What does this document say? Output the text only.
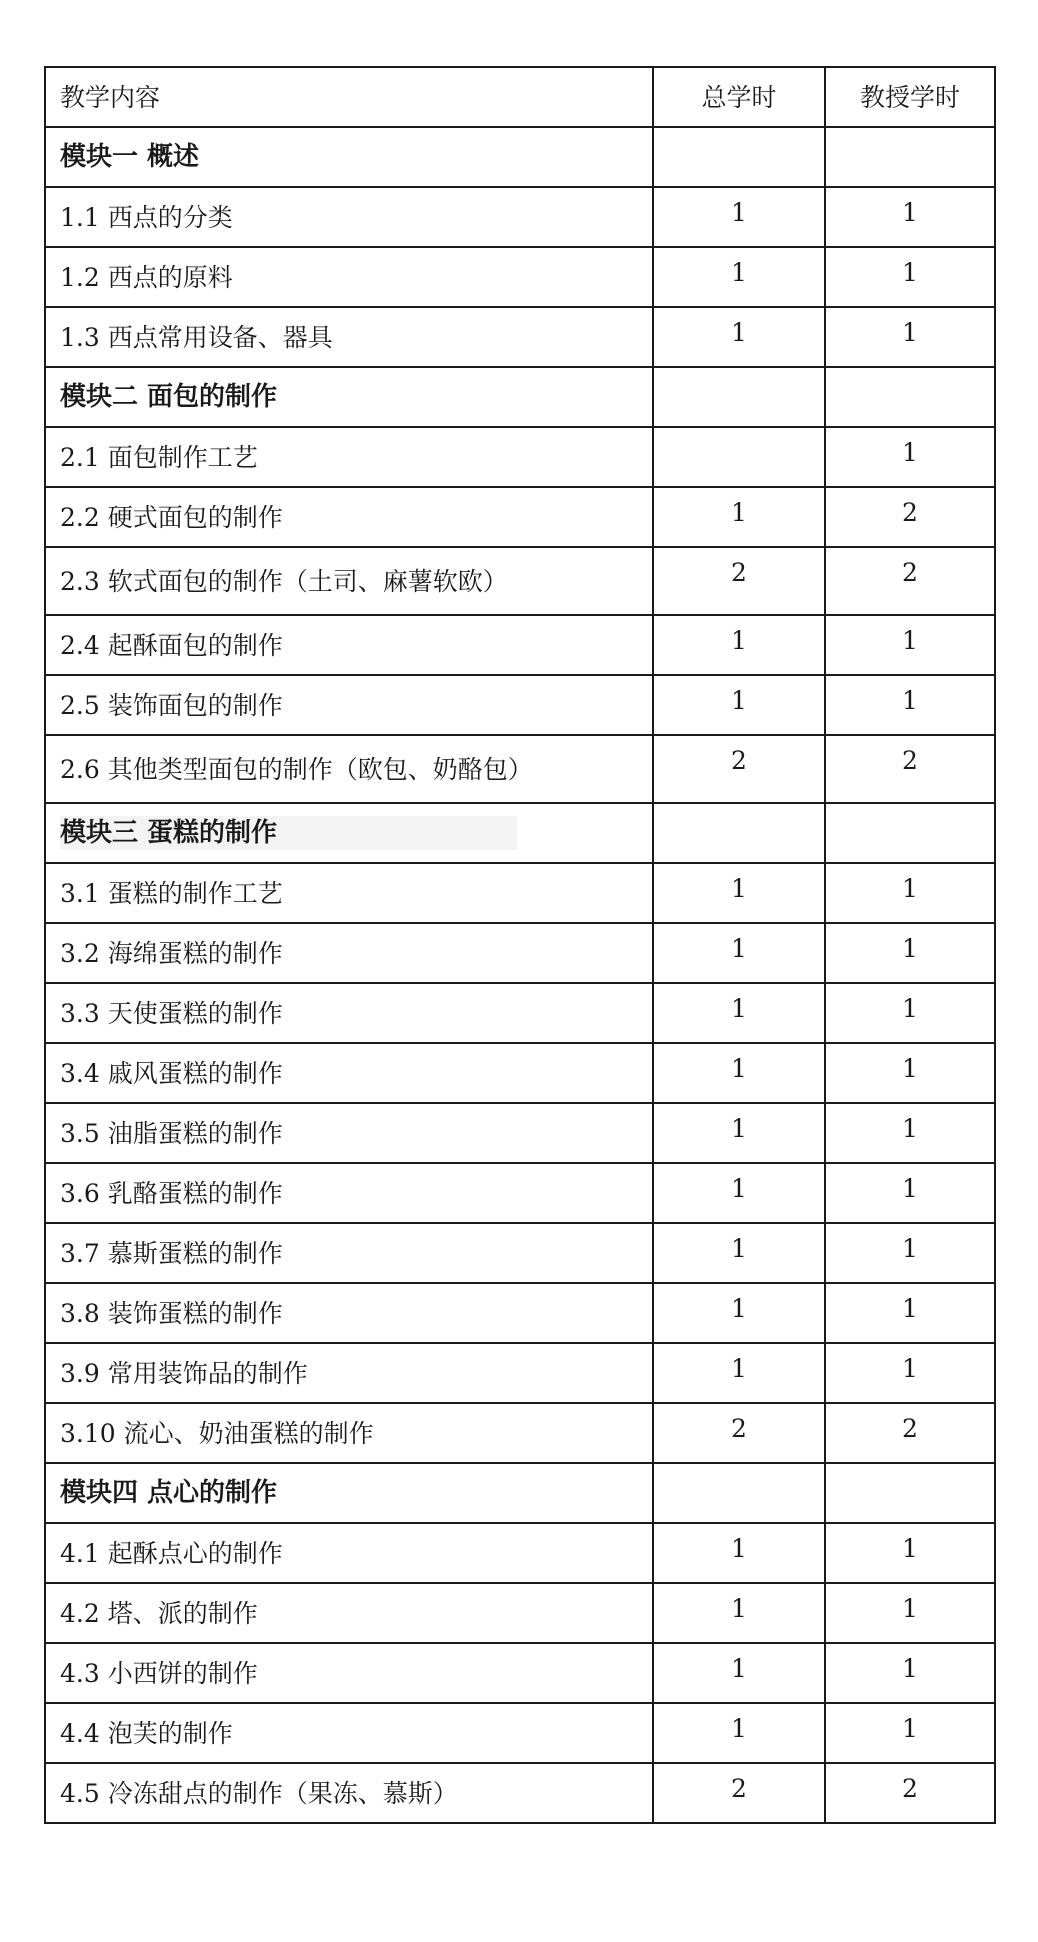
教学内容	总学时	教授学时
模块一 概述		
1.1 西点的分类	1	1
1.2 西点的原料	1	1
1.3 西点常用设备、器具	1	1
模块二 面包的制作		
2.1 面包制作工艺		1
2.2 硬式面包的制作	1	2
2.3 软式面包的制作（土司、麻薯软欧）	2	2
2.4 起酥面包的制作	1	1
2.5 装饰面包的制作	1	1
2.6 其他类型面包的制作（欧包、奶酪包）	2	2
模块三 蛋糕的制作		
3.1 蛋糕的制作工艺	1	1
3.2 海绵蛋糕的制作	1	1
3.3 天使蛋糕的制作	1	1
3.4 戚风蛋糕的制作	1	1
3.5 油脂蛋糕的制作	1	1
3.6 乳酪蛋糕的制作	1	1
3.7 慕斯蛋糕的制作	1	1
3.8 装饰蛋糕的制作	1	1
3.9 常用装饰品的制作	1	1
3.10 流心、奶油蛋糕的制作	2	2
模块四 点心的制作		
4.1 起酥点心的制作	1	1
4.2 塔、派的制作	1	1
4.3 小西饼的制作	1	1
4.4 泡芙的制作	1	1
4.5 冷冻甜点的制作（果冻、慕斯）	2	2
